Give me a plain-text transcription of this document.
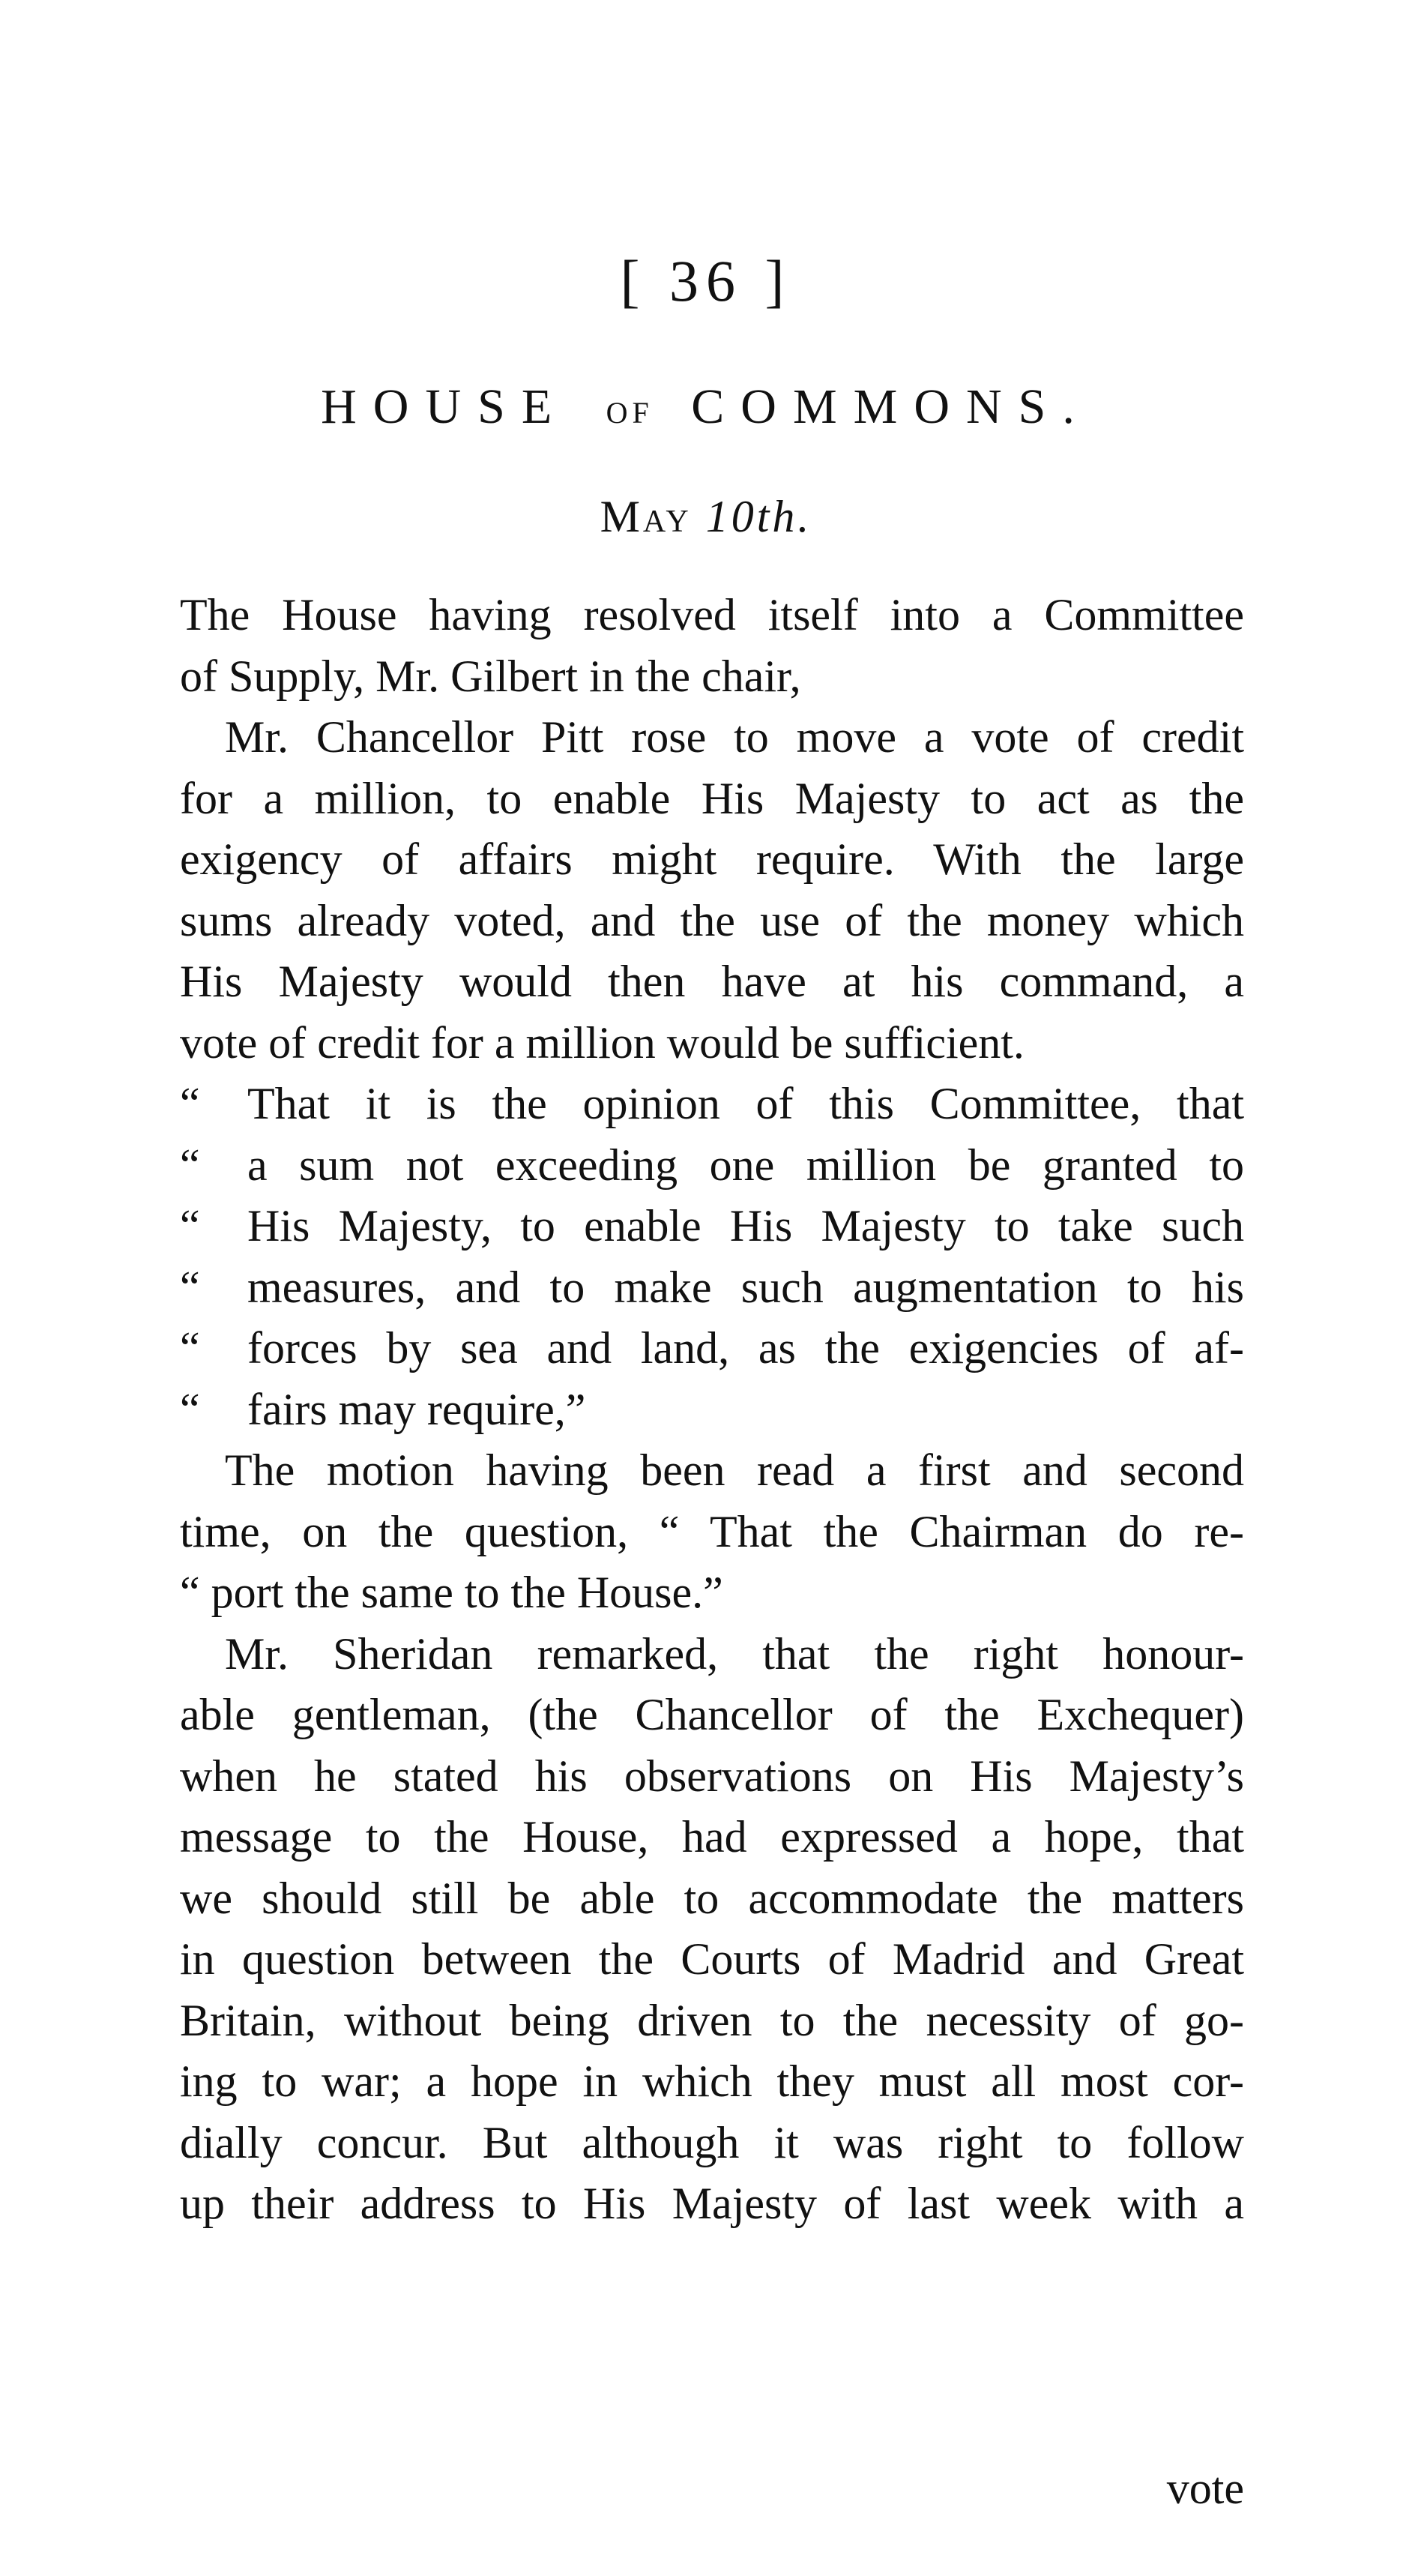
[ 36 ]
HOUSE OF COMMONS.
May 10th.
The House having resolved itself into a Committee
of Supply, Mr. Gilbert in the chair,
Mr. Chancellor Pitt rose to move a vote of credit
for a million, to enable His Majesty to act as the
exigency of affairs might require. With the large
sums already voted, and the use of the money which
His Majesty would then have at his command, a
vote of credit for a million would be sufficient.
“	That it is the opinion of this Committee, that
“	a sum not exceeding one million be granted to
“	His Majesty, to enable His Majesty to take such
“	measures, and to make such augmentation to his
“	forces by sea and land, as the exigencies of af-
“	fairs may require,”
The motion having been read a first and second
time, on the question, “ That the Chairman do re-
“ port the same to the House.”
Mr. Sheridan remarked, that the right honour-
able gentleman, (the Chancellor of the Exchequer)
when he stated his observations on His Majesty’s
message to the House, had expressed a hope, that
we should still be able to accommodate the matters
in question between the Courts of Madrid and Great
Britain, without being driven to the necessity of go-
ing to war; a hope in which they must all most cor-
dially concur. But although it was right to follow
up their address to His Majesty of last week with a
vote
